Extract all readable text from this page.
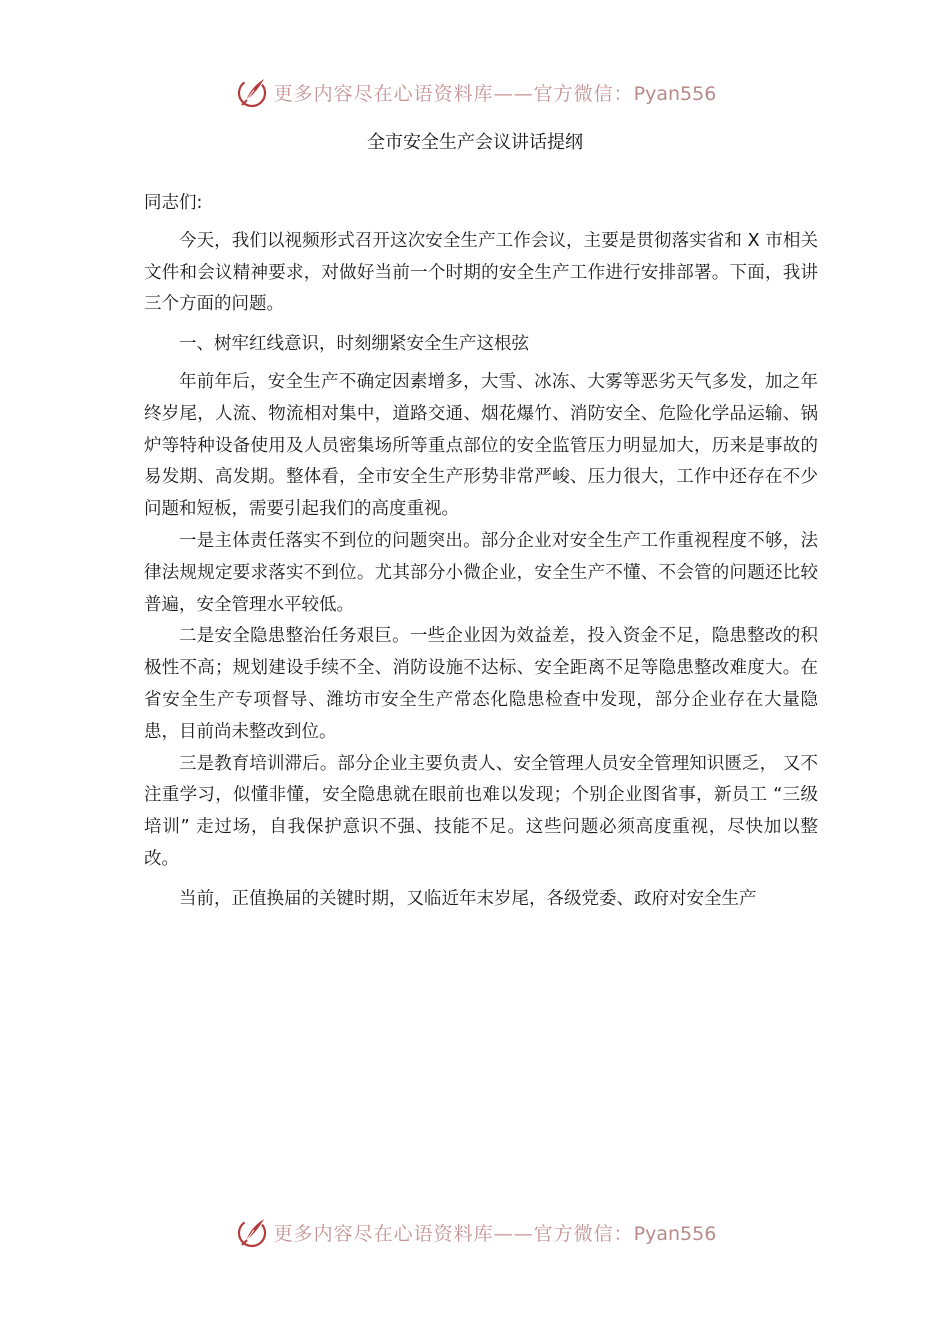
更多内容尽在心语资料库——官方微信：Pyan556
全市安全生产会议讲话提纲

同志们:

今天，我们以视频形式召开这次安全生产工作会议，主要是贯彻落实省和 X 市相关文件和会议精神要求，对做好当前一个时期的安全生产工作进行安排部署。下面，我讲三个方面的问题。

一、树牢红线意识，时刻绷紧安全生产这根弦

年前年后，安全生产不确定因素增多，大雪、冰冻、大雾等恶劣天气多发，加之年终岁尾，人流、物流相对集中，道路交通、烟花爆竹、消防安全、危险化学品运输、锅炉等特种设备使用及人员密集场所等重点部位的安全监管压力明显加大，历来是事故的易发期、高发期。整体看，全市安全生产形势非常严峻、压力很大，工作中还存在不少问题和短板，需要引起我们的高度重视。

一是主体责任落实不到位的问题突出。部分企业对安全生产工作重视程度不够，法律法规规定要求落实不到位。尤其部分小微企业，安全生产不懂、不会管的问题还比较普遍，安全管理水平较低。

二是安全隐患整治任务艰巨。一些企业因为效益差，投入资金不足，隐患整改的积极性不高；规划建设手续不全、消防设施不达标、安全距离不足等隐患整改难度大。在省安全生产专项督导、潍坊市安全生产常态化隐患检查中发现，部分企业存在大量隐患，目前尚未整改到位。

三是教育培训滞后。部分企业主要负责人、安全管理人员安全管理知识匮乏， 又不注重学习，似懂非懂，安全隐患就在眼前也难以发现；个别企业图省事，新员工 “三级培训” 走过场，自我保护意识不强、技能不足。这些问题必须高度重视，尽快加以整改。

当前，正值换届的关键时期，又临近年末岁尾，各级党委、政府对安全生产

更多内容尽在心语资料库——官方微信：Pyan556
